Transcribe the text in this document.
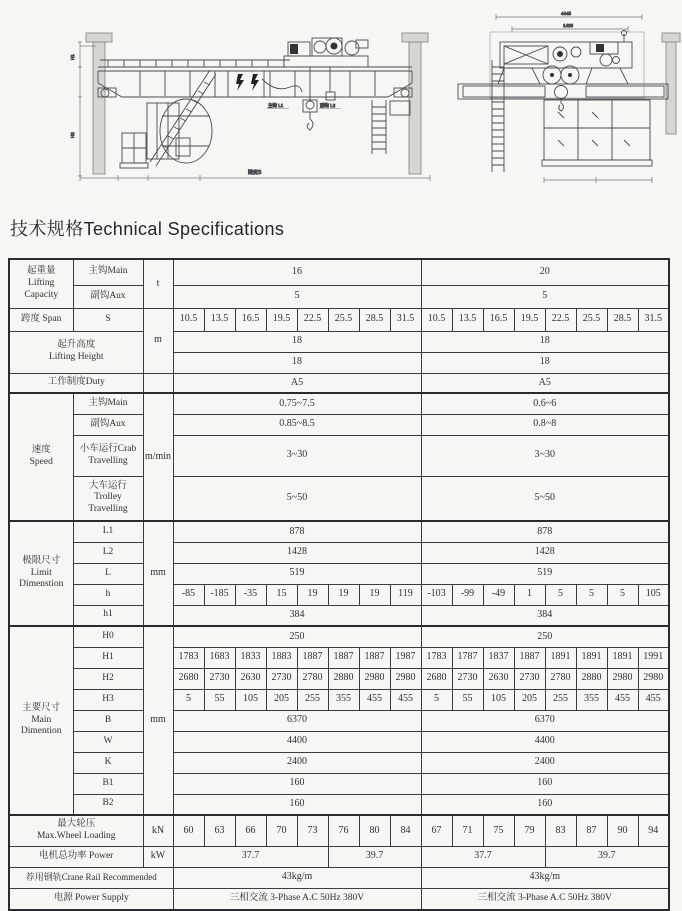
H1
H2
跨度S
主钩 L1	副钩 L2
4445
1428
技术规格Technical Specifications
起重量
Lifting
Capacity	主钩Main	t	16								20							
	副钩Aux		5								5							
跨度 Span	S	m	10.5	13.5	16.5	19.5	22.5	25.5	28.5	31.5	10.5	13.5	16.5	19.5	22.5	25.5	28.5	31.5
起升高度
Lifting Height			18								18							
			18								18							
工作制度Duty			A5								A5							
速度
Speed	主钩Main	m/min	0.75~7.5								0.6~6							
	副钩Aux		0.85~8.5								0.8~8							
	小车运行Crab
Travelling		3~30								3~30							
	大车运行
Trolley
Travelling		5~50								5~50							
极限尺寸
Limit
Dimenstion	L1	mm	878								878							
	L2		1428								1428							
	L		519								519							
	h		-85	-185	-35	15	19	19	19	119	-103	-99	-49	1	5	5	5	105
	h1		384								384							
主要尺寸
Main
Dimention	H0	mm	250								250							
	H1		1783	1683	1833	1883	1887	1887	1887	1987	1783	1787	1837	1887	1891	1891	1891	1991
	H2		2680	2730	2630	2730	2780	2880	2980	2980	2680	2730	2630	2730	2780	2880	2980	2980
	H3		5	55	105	205	255	355	455	455	5	55	105	205	255	355	455	455
	B		6370								6370							
	W		4400								4400							
	K		2400								2400							
	B1		160								160							
	B2		160								160							
最大轮压
Max.Wheel Loading		kN	60	63	66	70	73	76	80	84	67	71	75	79	83	87	90	94
电机总功率 Power		kW	37.7					39.7			37.7				39.7			
荐用钢轨Crane Rail Recommended			43kg/m								43kg/m							
电源 Power Supply			三相交流 3-Phase A.C 50Hz 380V								三相交流 3-Phase A.C 50Hz 380V							
